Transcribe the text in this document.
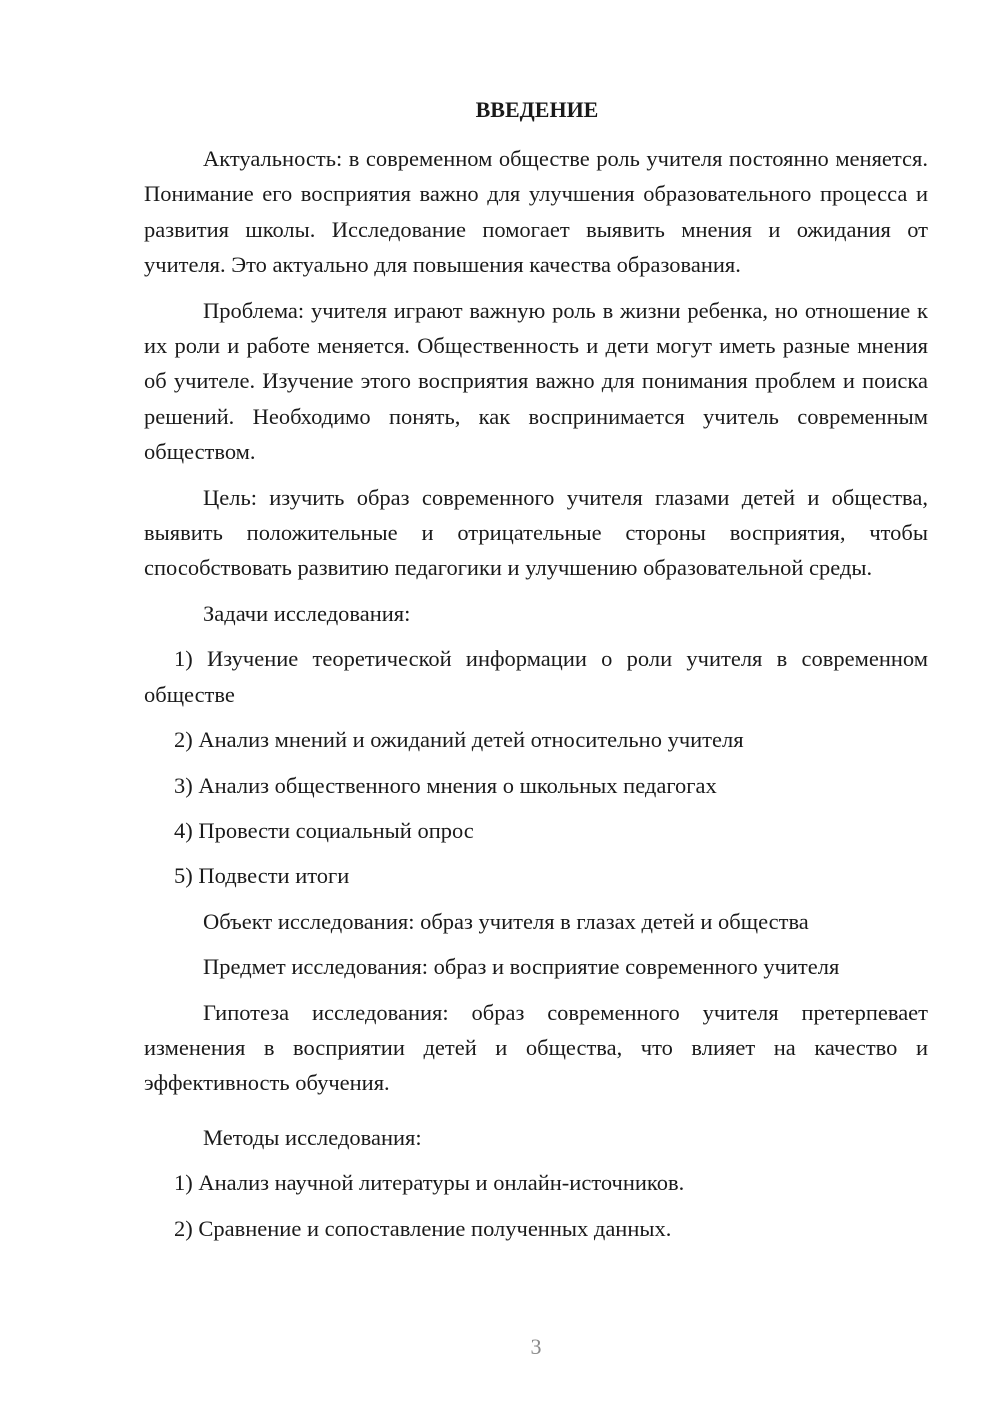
ВВЕДЕНИЕ

Актуальность: в современном обществе роль учителя постоянно меняется. Понимание его восприятия важно для улучшения образовательного процесса и развития школы. Исследование помогает выявить мнения и ожидания от учителя. Это актуально для повышения качества образования.

Проблема: учителя играют важную роль в жизни ребенка, но отношение к их роли и работе меняется. Общественность и дети могут иметь разные мнения об учителе. Изучение этого восприятия важно для понимания проблем и поиска решений. Необходимо понять, как воспринимается учитель современным обществом.

Цель: изучить образ современного учителя глазами детей и общества, выявить положительные и отрицательные стороны восприятия, чтобы способствовать развитию педагогики и улучшению образовательной среды.

Задачи исследования:

1) Изучение теоретической информации о роли учителя в современном обществе

2) Анализ мнений и ожиданий детей относительно учителя

3) Анализ общественного мнения о школьных педагогах

4) Провести социальный опрос

5) Подвести итоги

Объект исследования: образ учителя в глазах детей и общества

Предмет исследования: образ и восприятие современного учителя

Гипотеза исследования: образ современного учителя претерпевает изменения в восприятии детей и общества, что влияет на качество и эффективность обучения.

Методы исследования:

1) Анализ научной литературы и онлайн-источников.

2) Сравнение и сопоставление полученных данных.

3
